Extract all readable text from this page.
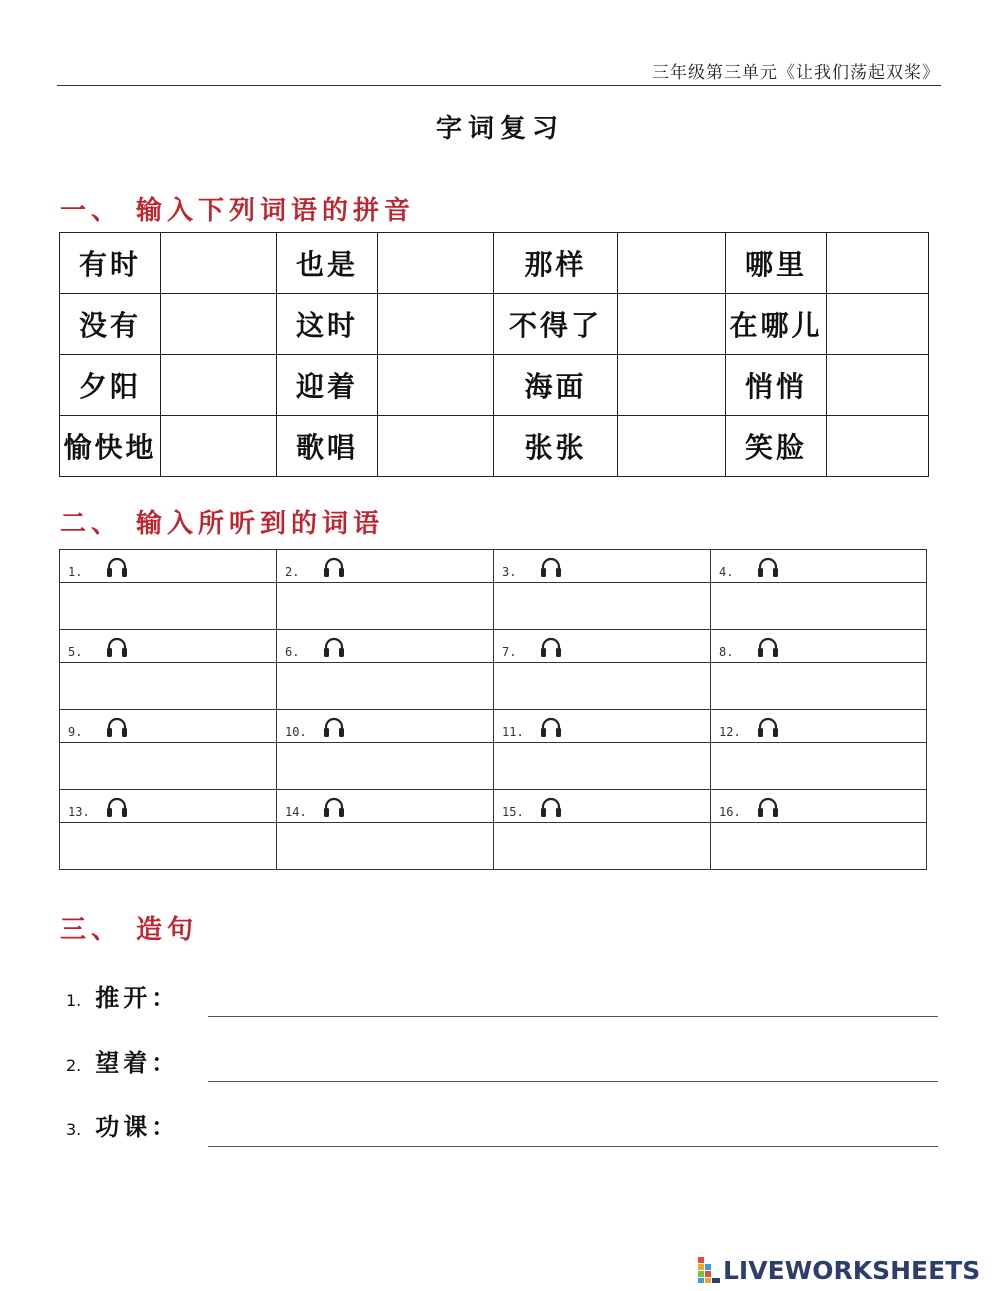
三年级第三单元《让我们荡起双桨》
字词复习
一、 输入下列词语的拼音
有时		也是		那样		哪里	
没有		这时		不得了		在哪儿	
夕阳		迎着		海面		悄悄	
愉快地		歌唱		张张		笑脸	
二、 输入所听到的词语
1.	2.	3.	4.

5.	6.	7.	8.

9.	10.	11.	12.

13.	14.	15.	16.

三、 造句
1. 推开：
2. 望着：
3. 功课：
LIVEWORKSHEETS
